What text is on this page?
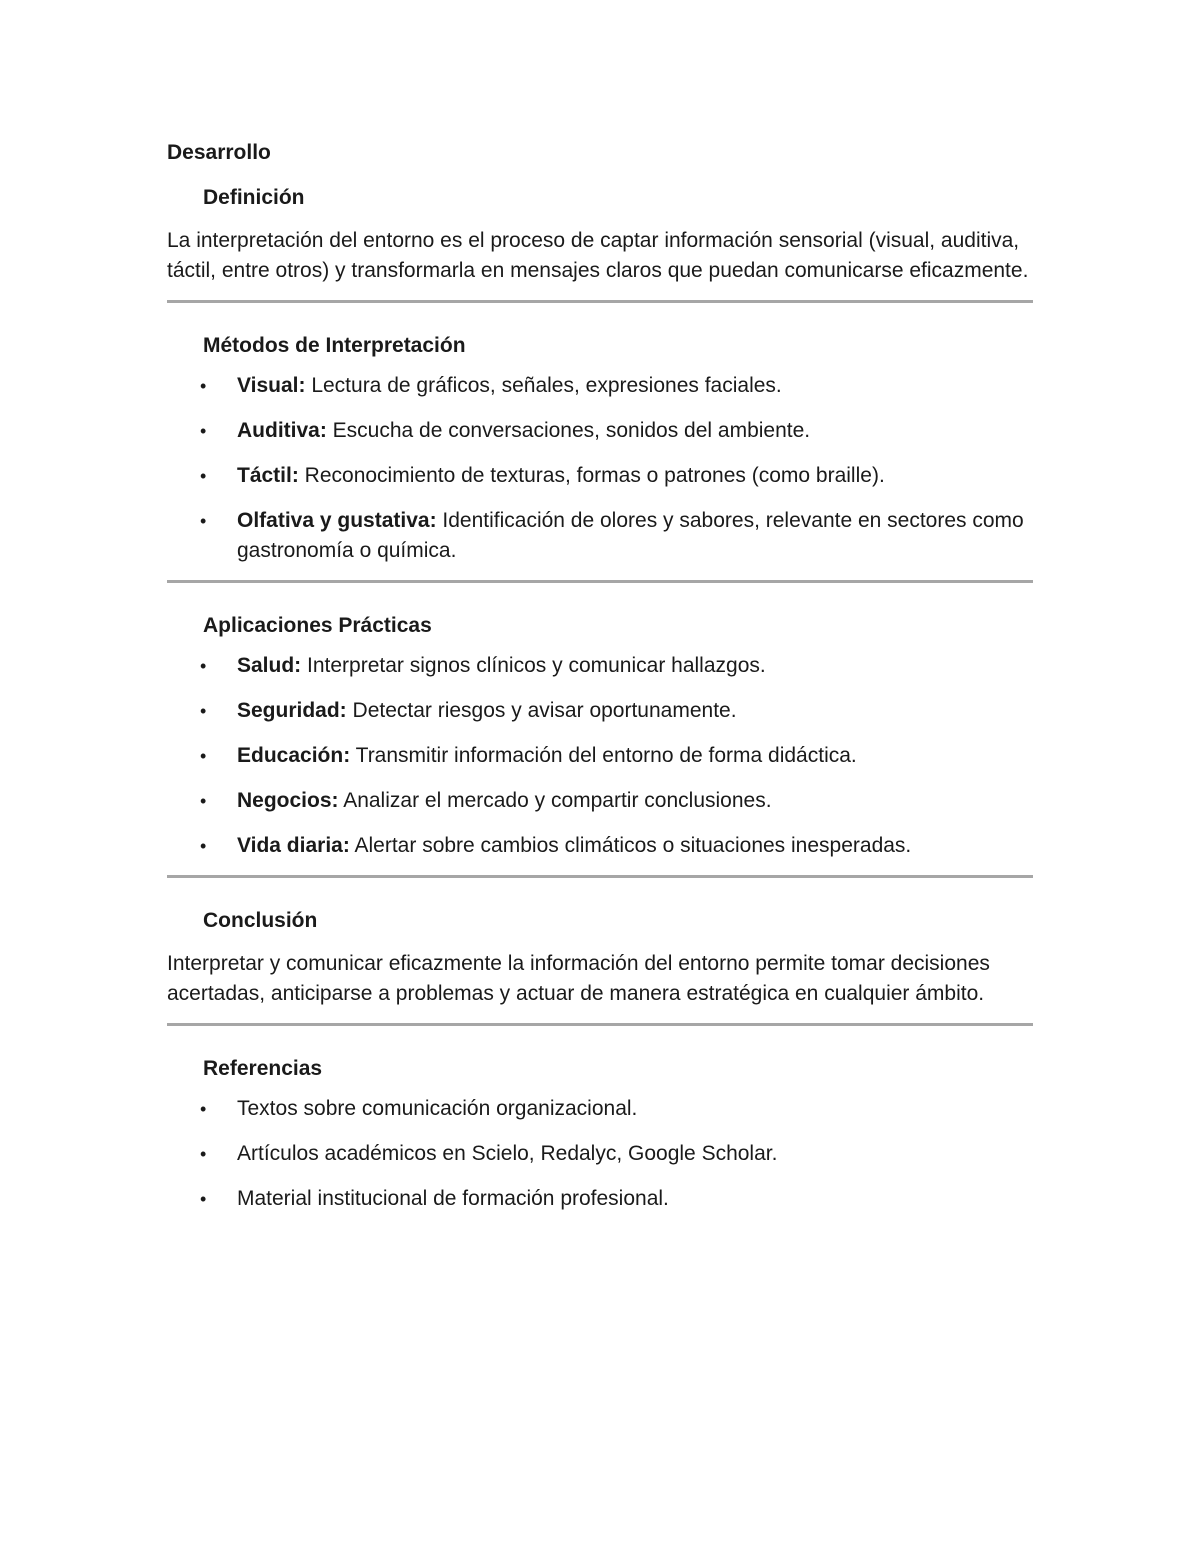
Desarrollo
Definición

La interpretación del entorno es el proceso de captar información sensorial (visual, auditiva, táctil, entre otros) y transformarla en mensajes claros que puedan comunicarse eficazmente.

Métodos de Interpretación
• Visual: Lectura de gráficos, señales, expresiones faciales.
• Auditiva: Escucha de conversaciones, sonidos del ambiente.
• Táctil: Reconocimiento de texturas, formas o patrones (como braille).
• Olfativa y gustativa: Identificación de olores y sabores, relevante en sectores como gastronomía o química.
Aplicaciones Prácticas
• Salud: Interpretar signos clínicos y comunicar hallazgos.
• Seguridad: Detectar riesgos y avisar oportunamente.
• Educación: Transmitir información del entorno de forma didáctica.
• Negocios: Analizar el mercado y compartir conclusiones.
• Vida diaria: Alertar sobre cambios climáticos o situaciones inesperadas.
Conclusión

Interpretar y comunicar eficazmente la información del entorno permite tomar decisiones acertadas, anticiparse a problemas y actuar de manera estratégica en cualquier ámbito.

Referencias
• Textos sobre comunicación organizacional.
• Artículos académicos en Scielo, Redalyc, Google Scholar.
• Material institucional de formación profesional.
